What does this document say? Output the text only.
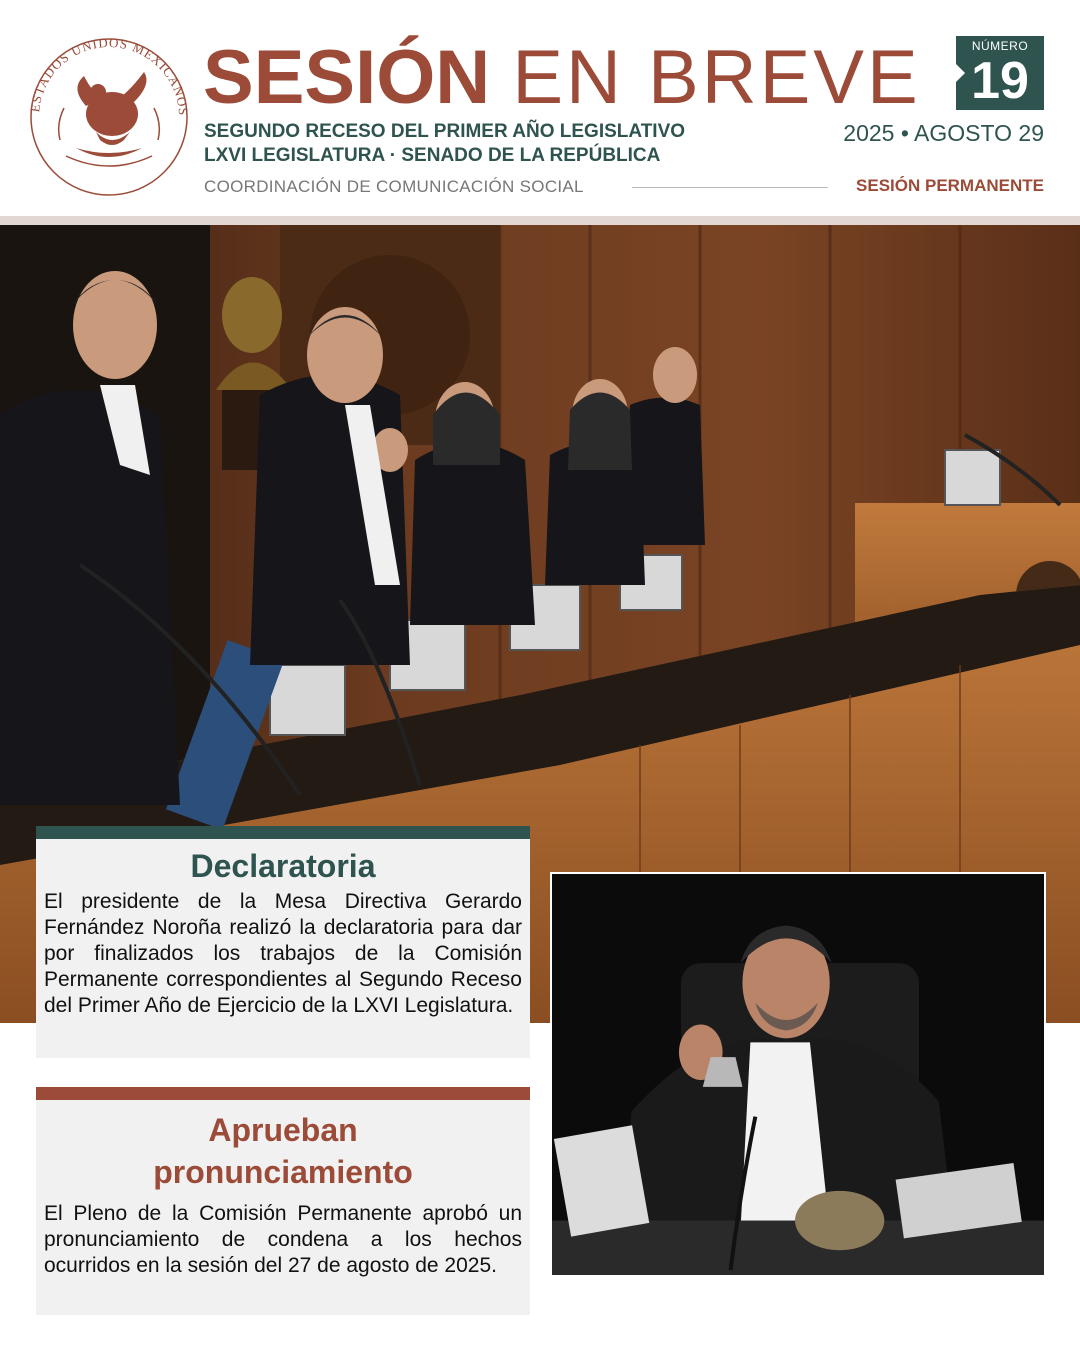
ESTADOS UNIDOS MEXICANOS SESIÓN EN BREVE	NÚMERO
19
SEGUNDO RECESO DEL PRIMER AÑO LEGISLATIVO
LXVI LEGISLATURA · SENADO DE LA REPÚBLICA
2025 • AGOSTO 29
COORDINACIÓN DE COMUNICACIÓN SOCIAL	SESIÓN PERMANENTE
Declaratoria

El presidente de la Mesa Directiva Gerardo Fernández Noroña realizó la declaratoria para dar por finalizados los trabajos de la Comisión Permanente correspondientes al Segundo Receso del Primer Año de Ejercicio de la LXVI Legislatura.

Aprueban pronunciamiento

El Pleno de la Comisión Permanente aprobó un pronunciamiento de condena a los hechos ocurridos en la sesión del 27 de agosto de 2025.
